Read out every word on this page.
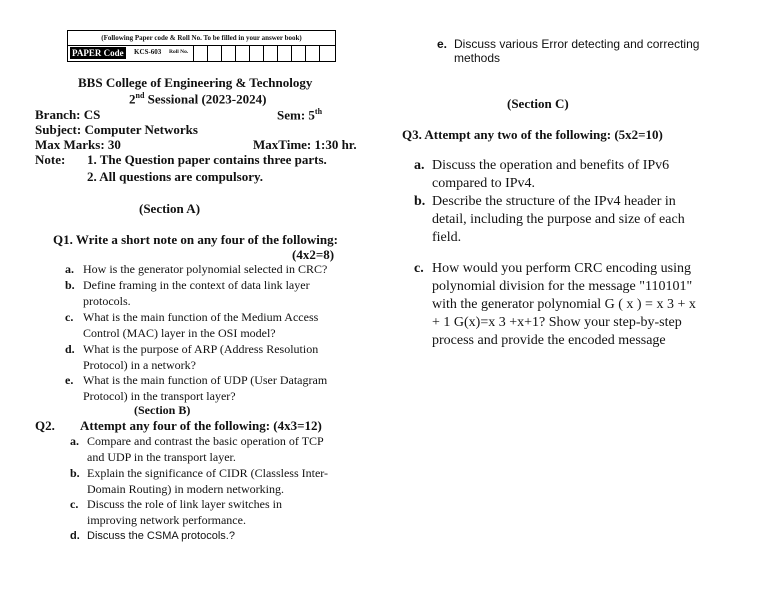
(Following Paper code & Roll No. To be filled in your answer book)
PAPER Code KCS-603 Roll No.
BBS College of Engineering & Technology
2nd Sessional (2023-2024)
Branch: CS	Sem: 5th
Subject: Computer Networks
Max Marks: 30	MaxTime: 1:30 hr.
Note: 1. The Question paper contains three parts.
2. All questions are compulsory.
(Section A)
Q1. Write a short note on any four of the following:
(4x2=8)
a. How is the generator polynomial selected in CRC?
b. Define framing in the context of data link layer
protocols.
c. What is the main function of the Medium Access
Control (MAC) layer in the OSI model?
d. What is the purpose of ARP (Address Resolution
Protocol) in a network?
e. What is the main function of UDP (User Datagram
Protocol) in the transport layer?
(Section B)
Q2. Attempt any four of the following: (4x3=12)
a. Compare and contrast the basic operation of TCP
and UDP in the transport layer.
b. Explain the significance of CIDR (Classless Inter-
Domain Routing) in modern networking.
c. Discuss the role of link layer switches in
improving network performance.
d. Discuss the CSMA protocols.?
e. Discuss various Error detecting and correcting
methods
(Section C)
Q3. Attempt any two of the following: (5x2=10)
a. Discuss the operation and benefits of IPv6
compared to IPv4.
b. Describe the structure of the IPv4 header in
detail, including the purpose and size of each
field.
c. How would you perform CRC encoding using
polynomial division for the message "110101"
with the generator polynomial G ( x ) = x 3 + x
+ 1 G(x)=x 3 +x+1? Show your step-by-step
process and provide the encoded message
